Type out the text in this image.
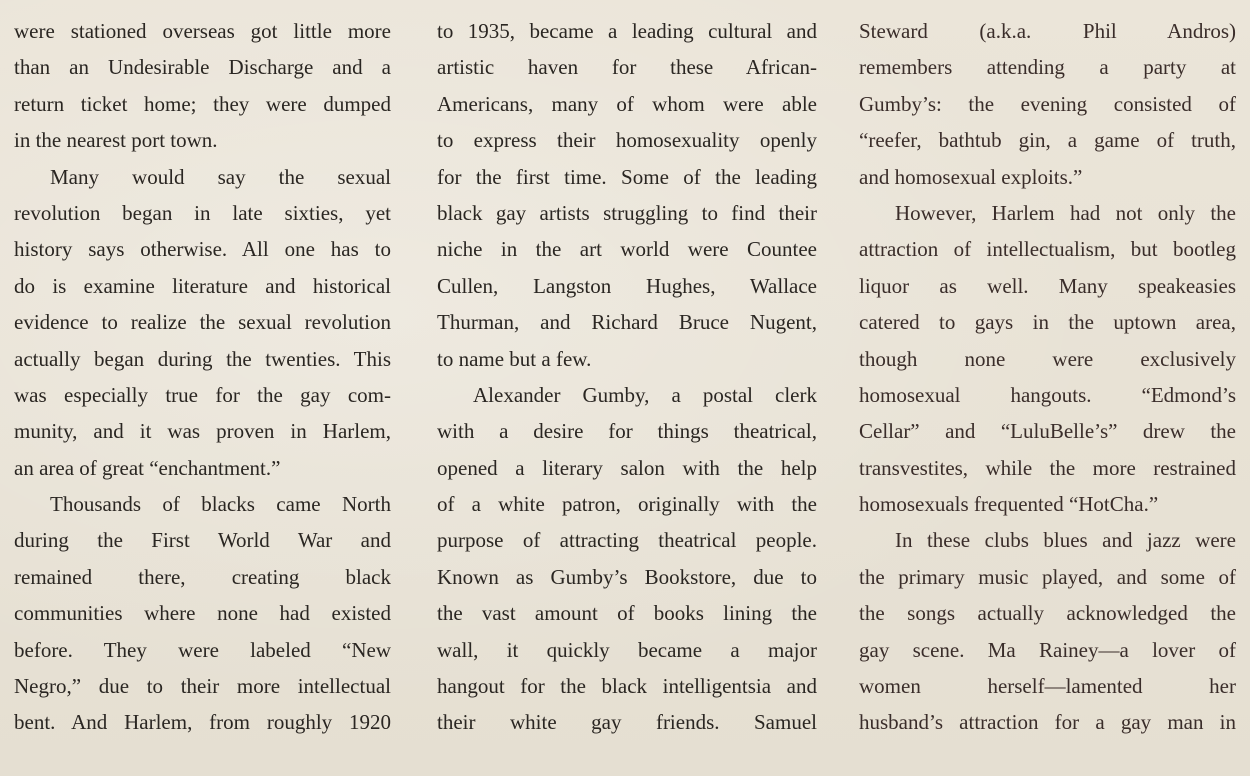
were stationed overseas got little more
than an Undesirable Discharge and a
return ticket home; they were dumped
in the nearest port town.
Many would say the sexual
revolution began in late sixties, yet
history says otherwise. All one has to
do is examine literature and historical
evidence to realize the sexual revolution
actually began during the twenties. This
was especially true for the gay com-
munity, and it was proven in Harlem,
an area of great “enchantment.”
Thousands of blacks came North
during the First World War and
remained there, creating black
communities where none had existed
before. They were labeled “New
Negro,” due to their more intellectual
bent. And Harlem, from roughly 1920
to 1935, became a leading cultural and
artistic haven for these African-
Americans, many of whom were able
to express their homosexuality openly
for the first time. Some of the leading
black gay artists struggling to find their
niche in the art world were Countee
Cullen, Langston Hughes, Wallace
Thurman, and Richard Bruce Nugent,
to name but a few.
Alexander Gumby, a postal clerk
with a desire for things theatrical,
opened a literary salon with the help
of a white patron, originally with the
purpose of attracting theatrical people.
Known as Gumby’s Bookstore, due to
the vast amount of books lining the
wall, it quickly became a major
hangout for the black intelligentsia and
their white gay friends. Samuel
Steward (a.k.a. Phil Andros)
remembers attending a party at
Gumby’s: the evening consisted of
“reefer, bathtub gin, a game of truth,
and homosexual exploits.”
However, Harlem had not only the
attraction of intellectualism, but bootleg
liquor as well. Many speakeasies
catered to gays in the uptown area,
though none were exclusively
homosexual hangouts. “Edmond’s
Cellar” and “LuluBelle’s” drew the
transvestites, while the more restrained
homosexuals frequented “HotCha.”
In these clubs blues and jazz were
the primary music played, and some of
the songs actually acknowledged the
gay scene. Ma Rainey—a lover of
women herself—lamented her
husband’s attraction for a gay man in
